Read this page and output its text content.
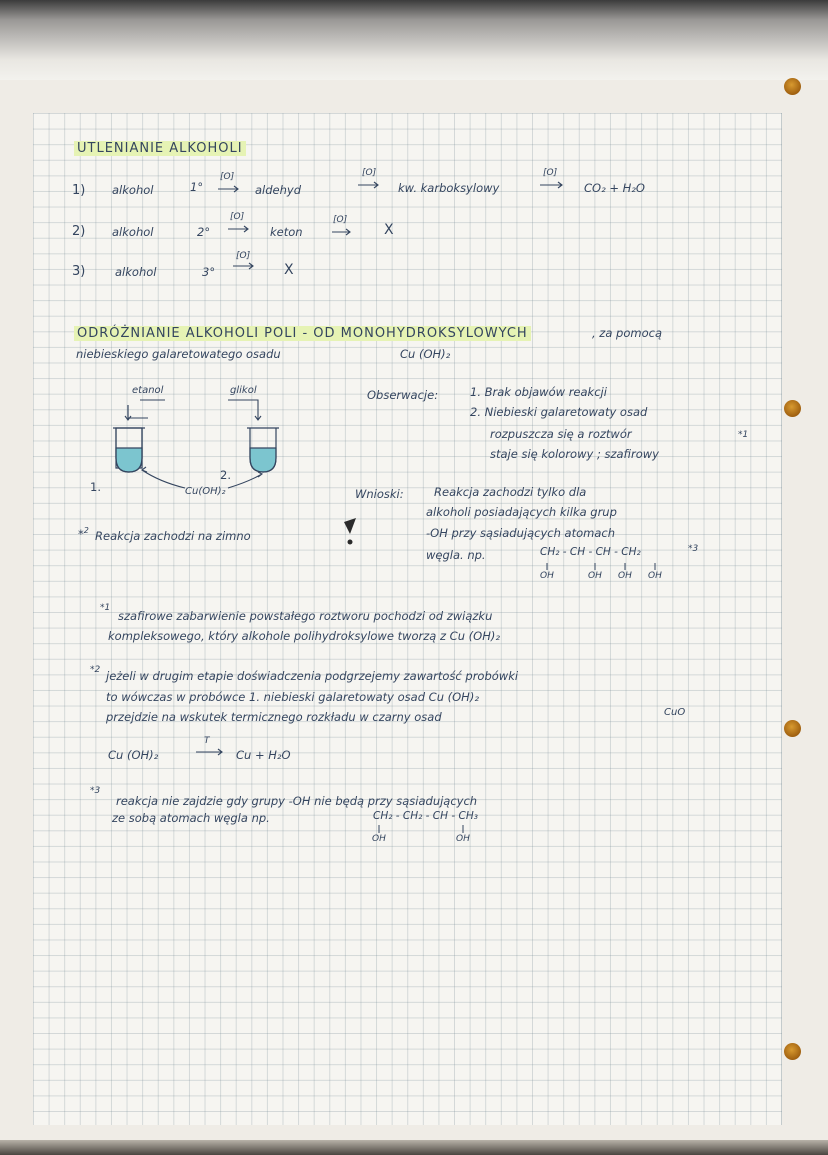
UTLENIANIE ALKOHOLI
1) alkohol	1°
[O]
aldehyd
[O]
kw. karboksylowy
[O]
CO₂ + H₂O
2) alkohol	2°
[O]
keton
[O]
X
3)	alkohol	3°
[O]
X
ODRÓŻNIANIE ALKOHOLI POLI - OD MONOHYDROKSYLOWYCH	, za pomocą
niebieskiego galaretowatego osadu	Cu (OH)₂
etanol	glikol
1.
2.
Cu(OH)₂
*$^2$ Reakcja zachodzi na zimno
Obserwacje:	1. Brak objawów reakcji
2. Niebieski galaretowaty osad
rozpuszcza się a roztwór
staje się kolorowy ; szafirowy
*1
Wnioski:	Reakcja zachodzi tylko dla
alkoholi posiadających kilka grup
-OH przy sąsiadujących atomach
węgla. np.	CH₂ - CH - CH - CH₂	*3
OH	OH OH OH
*1
szafirowe zabarwienie powstałego roztworu pochodzi od związku
kompleksowego, który alkohole polihydroksylowe tworzą z Cu (OH)₂
*2 jeżeli w drugim etapie doświadczenia podgrzejemy zawartość probówki
to wówczas w probówce 1. niebieski galaretowaty osad Cu (OH)₂
przejdzie na wskutek termicznego rozkładu w czarny osad	CuO
Cu (OH)₂
T
Cu + H₂O
*3
reakcja nie zajdzie gdy grupy -OH nie będą przy sąsiadujących
ze sobą atomach węgla np.	CH₂ - CH₂ - CH - CH₃
OH	OH
